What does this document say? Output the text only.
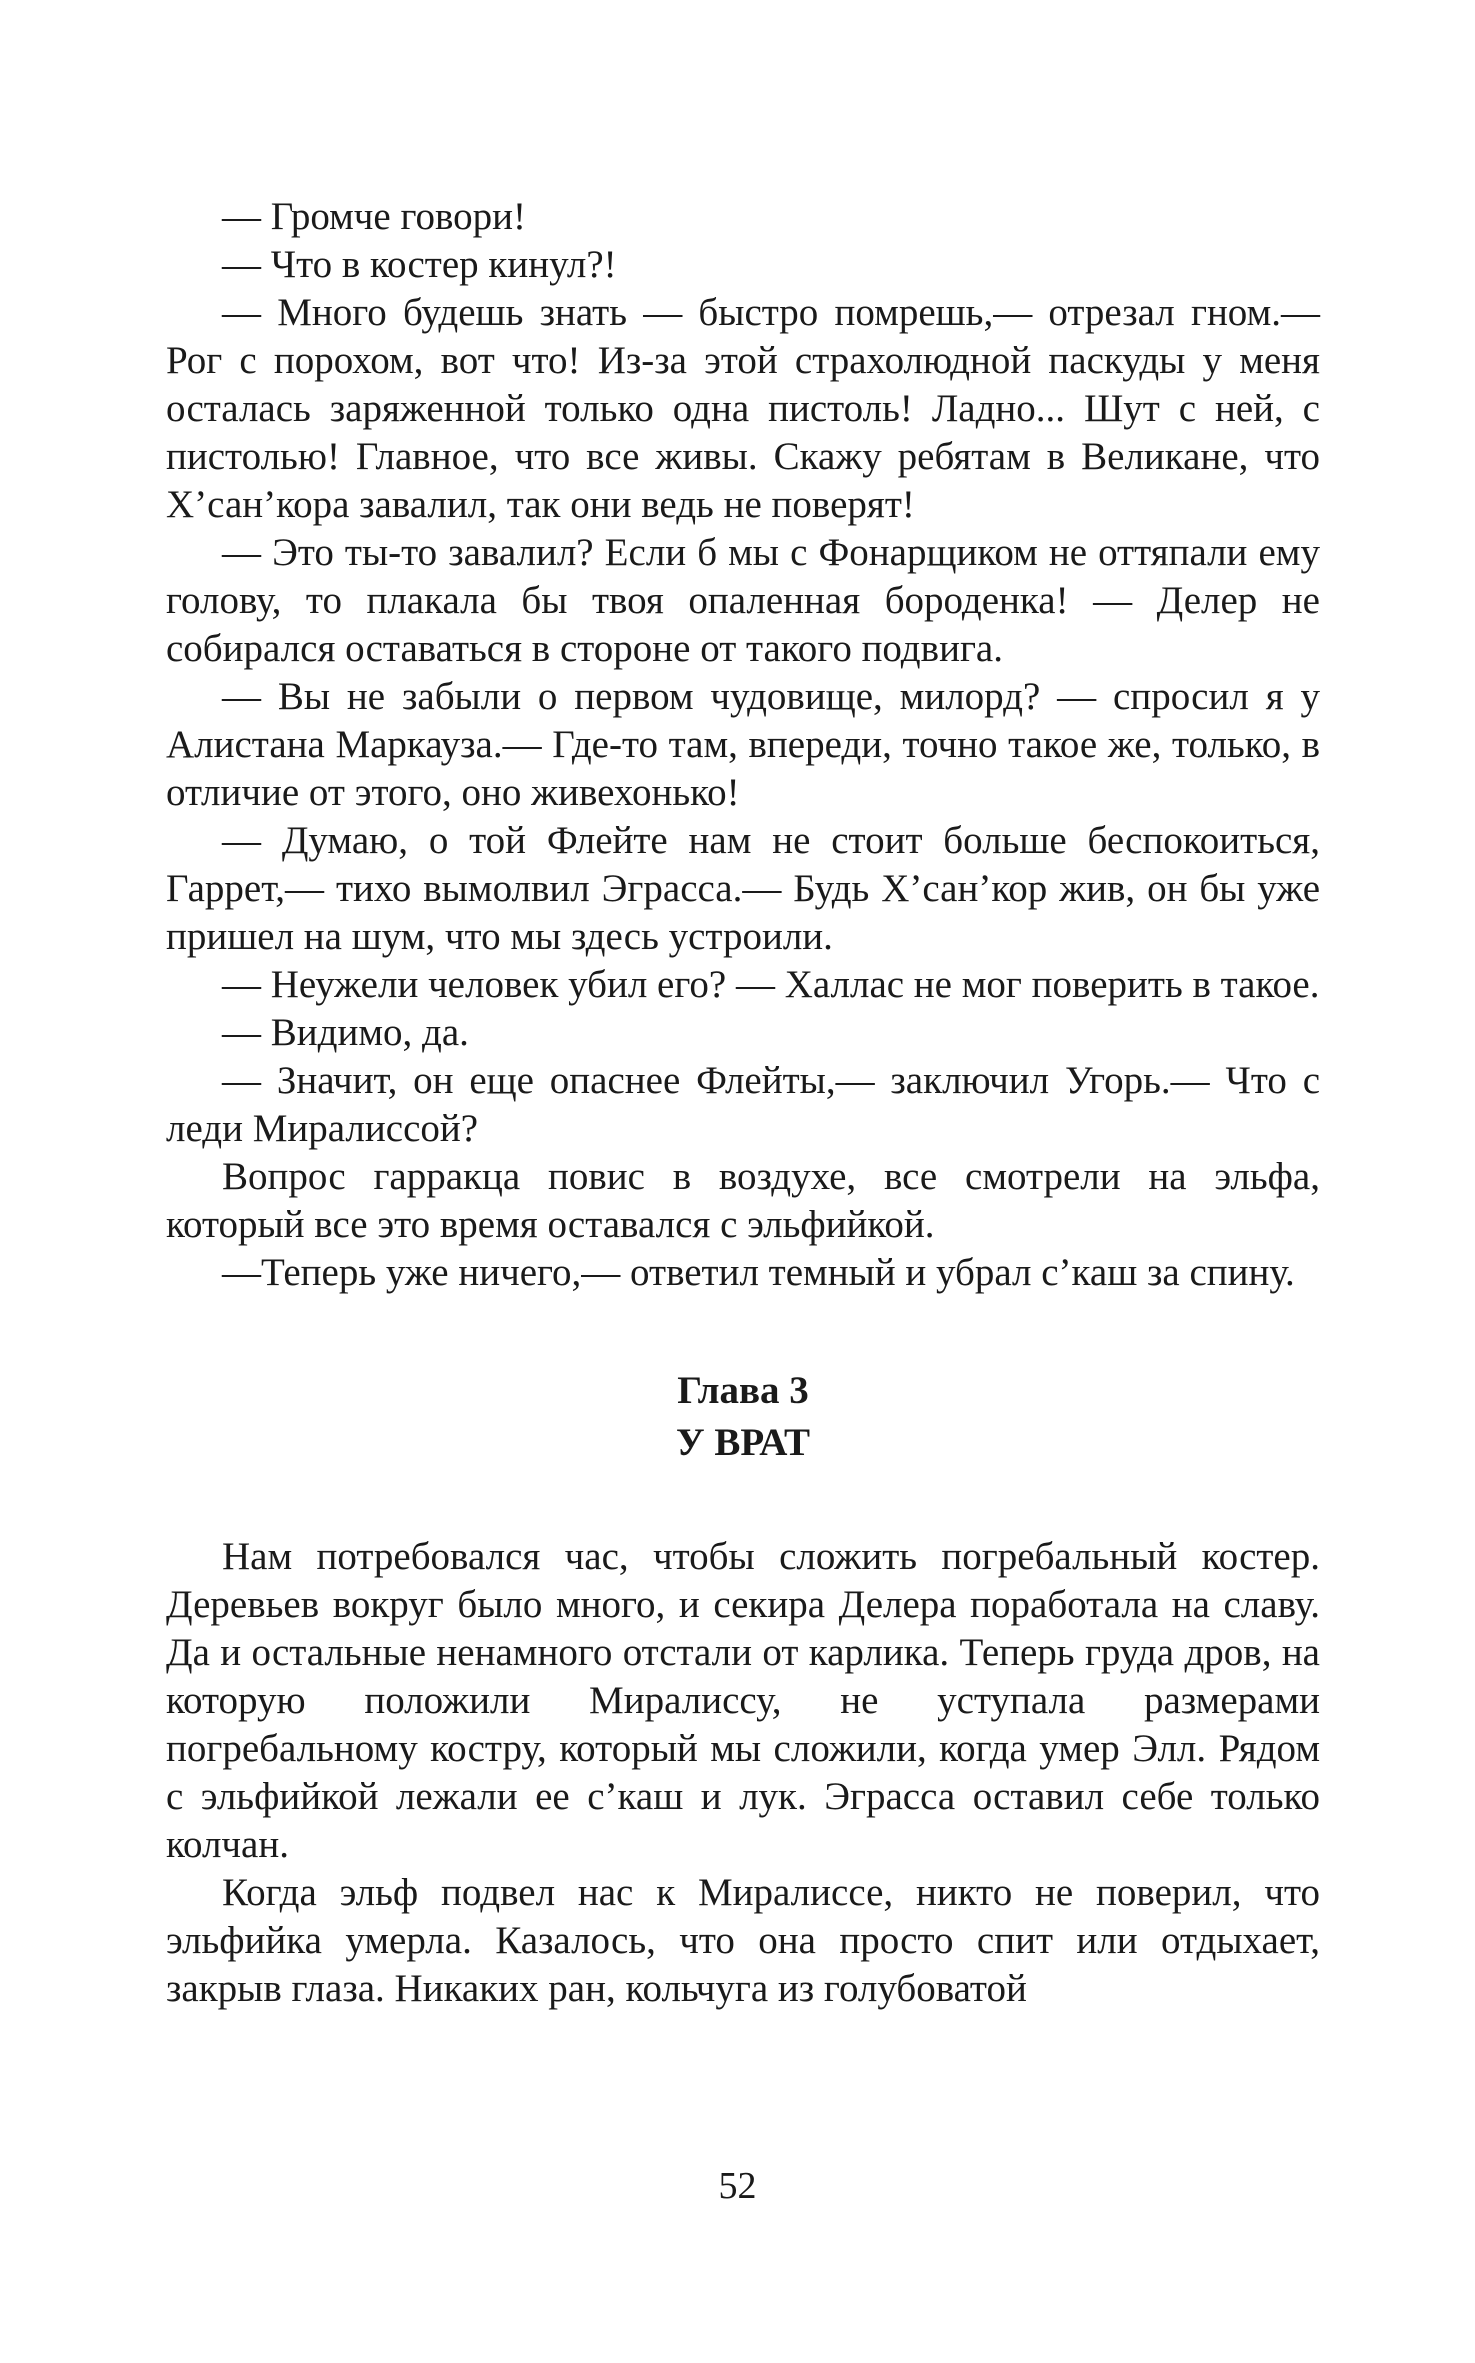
— Громче говори!

— Что в костер кинул?!

— Много будешь знать — быстро помрешь,— отрезал гном.— Рог с порохом, вот что! Из-за этой страхолюдной паскуды у меня осталась заряженной только одна пистоль! Ладно... Шут с ней, с пистолью! Главное, что все живы. Скажу ребятам в Великане, что Х’сан’кора завалил, так они ведь не поверят!

— Это ты-то завалил? Если б мы с Фонарщиком не оттяпали ему голову, то плакала бы твоя опаленная бороденка! — Делер не собирался оставаться в стороне от такого подвига.

— Вы не забыли о первом чудовище, милорд? — спросил я у Алистана Маркауза.— Где-то там, впереди, точно такое же, только, в отличие от этого, оно живехонько!

— Думаю, о той Флейте нам не стоит больше беспокоиться, Гаррет,— тихо вымолвил Эграсса.— Будь Х’сан’кор жив, он бы уже пришел на шум, что мы здесь устроили.

— Неужели человек убил его? — Халлас не мог поверить в такое.

— Видимо, да.

— Значит, он еще опаснее Флейты,— заключил Угорь.— Что с леди Миралиссой?

Вопрос гарракца повис в воздухе, все смотрели на эльфа, который все это время оставался с эльфийкой.

—Теперь уже ничего,— ответил темный и убрал с’каш за спину.

Глава 3

У ВРАТ

Нам потребовался час, чтобы сложить погребальный костер. Деревьев вокруг было много, и секира Делера поработала на славу. Да и остальные ненамного отстали от карлика. Теперь груда дров, на которую положили Миралиссу, не уступала размерами погребальному костру, который мы сложили, когда умер Элл. Рядом с эльфийкой лежали ее с’каш и лук. Эграсса оставил себе только колчан.

Когда эльф подвел нас к Миралиссе, никто не поверил, что эльфийка умерла. Казалось, что она просто спит или отдыхает, закрыв глаза. Никаких ран, кольчуга из голубоватой

52
